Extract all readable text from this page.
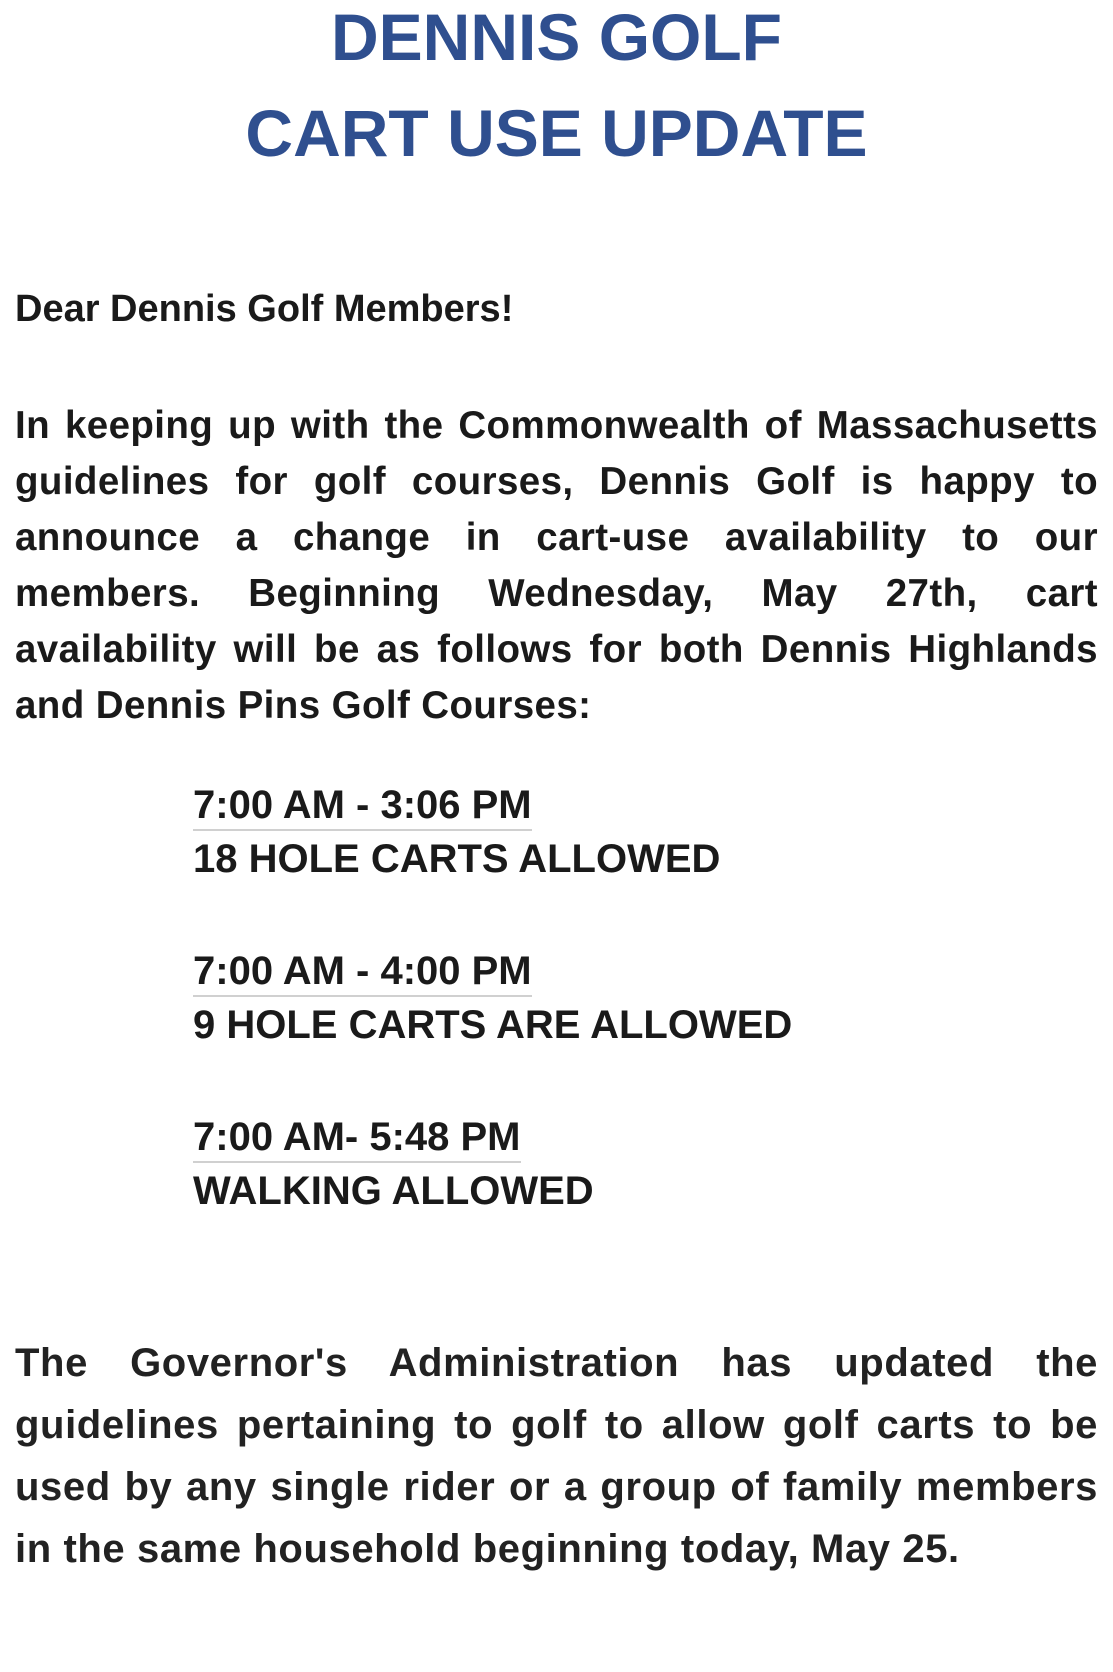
DENNIS GOLF
CART USE UPDATE

Dear Dennis Golf Members!

In keeping up with the Commonwealth of Massachusetts guidelines for golf courses, Dennis Golf is happy to announce a change in cart-use availability to our members. Beginning Wednesday, May 27th, cart availability will be as follows for both Dennis Highlands and Dennis Pins Golf Courses:

7:00 AM - 3:06 PM
18 HOLE CARTS ALLOWED
7:00 AM - 4:00 PM
9 HOLE CARTS ARE ALLOWED
7:00 AM- 5:48 PM
WALKING ALLOWED

The Governor's Administration has updated the guidelines pertaining to golf to allow golf carts to be used by any single rider or a group of family members in the same household beginning today, May 25.
